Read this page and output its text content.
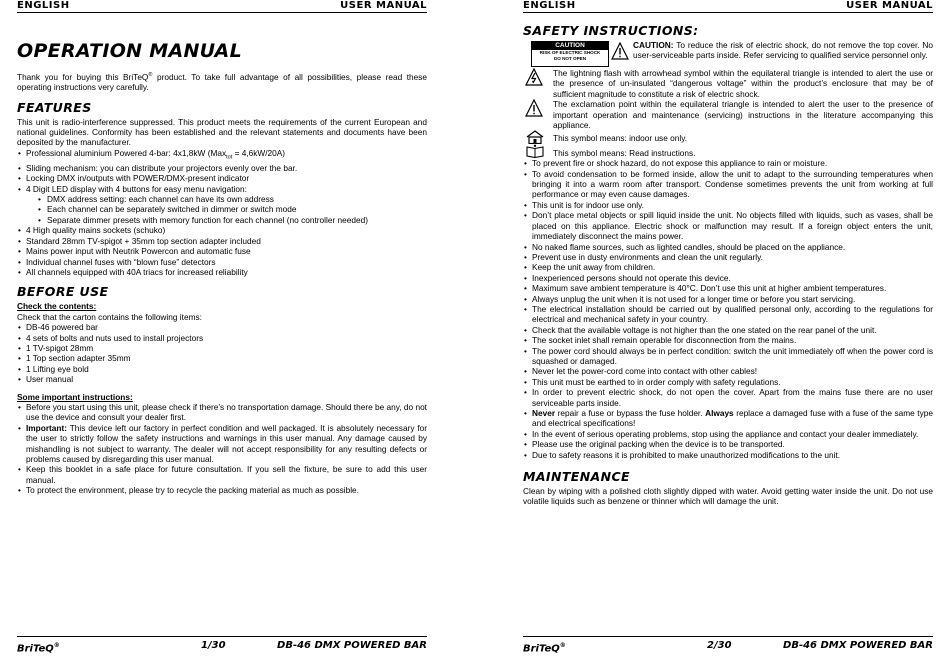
ENGLISH	USER MANUAL
OPERATION MANUAL

Thank you for buying this BriTeQ® product. To take full advantage of all possibilities, please read these operating instructions very carefully.

FEATURES

This unit is radio-interference suppressed. This product meets the requirements of the current European and national guidelines. Conformity has been established and the relevant statements and documents have been deposited by the manufacturer.

• Professional aluminium Powered 4-bar: 4x1,8kW (Max$_{tot}$ = 4,6kW/20A)
• Sliding mechanism: you can distribute your projectors evenly over the bar.
• Locking DMX in/outputs with POWER/DMX-present indicator
• 4 Digit LED display with 4 buttons for easy menu navigation:
• DMX address setting: each channel can have its own address
• Each channel can be separately switched in dimmer or switch mode
• Separate dimmer presets with memory function for each channel (no controller needed)
• 4 High quality mains sockets (schuko)
• Standard 28mm TV-spigot + 35mm top section adapter included
• Mains power input with Neutrik Powercon and automatic fuse
• Individual channel fuses with “blown fuse” detectors
• All channels equipped with 40A triacs for increased reliability
BEFORE USE

Check the contents:

Check that the carton contains the following items:

• DB-46 powered bar
• 4 sets of bolts and nuts used to install projectors
• 1 TV-spigot 28mm
• 1 Top section adapter 35mm
• 1 Lifting eye bold
• User manual

Some important instructions:

• Before you start using this unit, please check if there’s no transportation damage. Should there be any, do not use the device and consult your dealer first.
• Important: This device left our factory in perfect condition and well packaged. It is absolutely necessary for the user to strictly follow the safety instructions and warnings in this user manual. Any damage caused by mishandling is not subject to warranty. The dealer will not accept responsibility for any resulting defects or problems caused by disregarding this user manual.
• Keep this booklet in a safe place for future consultation. If you sell the fixture, be sure to add this user manual.
• To protect the environment, please try to recycle the packing material as much as possible.
BriTeQ®	1/30	DB-46 DMX POWERED BAR
ENGLISH	USER MANUAL
SAFETY INSTRUCTIONS:
CAUTION
RISK OF ELECTRIC SHOCK
DO NOT OPEN
CAUTION: To reduce the risk of electric shock, do not remove the top cover. No user-serviceable parts inside. Refer servicing to qualified service personnel only.
The lightning flash with arrowhead symbol within the equilateral triangle is intended to alert the use or the presence of un-insulated “dangerous voltage” within the product’s enclosure that may be of sufficient magnitude to constitute a risk of electric shock.
The exclamation point within the equilateral triangle is intended to alert the user to the presence of important operation and maintenance (servicing) instructions in the literature accompanying this appliance.
This symbol means: indoor use only.
This symbol means: Read instructions.
• To prevent fire or shock hazard, do not expose this appliance to rain or moisture.
• To avoid condensation to be formed inside, allow the unit to adapt to the surrounding temperatures when bringing it into a warm room after transport. Condense sometimes prevents the unit from working at full performance or may even cause damages.
• This unit is for indoor use only.
• Don’t place metal objects or spill liquid inside the unit. No objects filled with liquids, such as vases, shall be placed on this appliance. Electric shock or malfunction may result. If a foreign object enters the unit, immediately disconnect the mains power.
• No naked flame sources, such as lighted candles, should be placed on the appliance.
• Prevent use in dusty environments and clean the unit regularly.
• Keep the unit away from children.
• Inexperienced persons should not operate this device.
• Maximum save ambient temperature is 40°C. Don’t use this unit at higher ambient temperatures.
• Always unplug the unit when it is not used for a longer time or before you start servicing.
• The electrical installation should be carried out by qualified personal only, according to the regulations for electrical and mechanical safety in your country.
• Check that the available voltage is not higher than the one stated on the rear panel of the unit.
• The socket inlet shall remain operable for disconnection from the mains.
• The power cord should always be in perfect condition: switch the unit immediately off when the power cord is squashed or damaged.
• Never let the power-cord come into contact with other cables!
• This unit must be earthed to in order comply with safety regulations.
• In order to prevent electric shock, do not open the cover. Apart from the mains fuse there are no user serviceable parts inside.
• Never repair a fuse or bypass the fuse holder. Always replace a damaged fuse with a fuse of the same type and electrical specifications!
• In the event of serious operating problems, stop using the appliance and contact your dealer immediately.
• Please use the original packing when the device is to be transported.
• Due to safety reasons it is prohibited to make unauthorized modifications to the unit.
MAINTENANCE

Clean by wiping with a polished cloth slightly dipped with water. Avoid getting water inside the unit. Do not use volatile liquids such as benzene or thinner which will damage the unit.

BriTeQ®	2/30	DB-46 DMX POWERED BAR
